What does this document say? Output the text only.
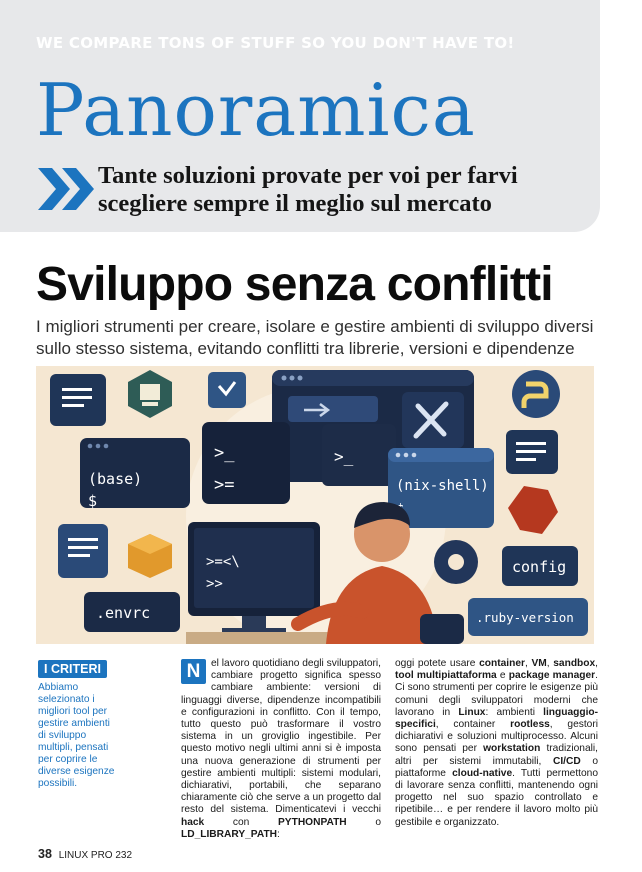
WE COMPARE TONS OF STUFF SO YOU DON'T HAVE TO!
Panoramica
Tante soluzioni provate per voi per farvi scegliere sempre il meglio sul mercato
Sviluppo senza conflitti

I migliori strumenti per creare, isolare e gestire ambienti di sviluppo diversi sullo stesso sistema, evitando conflitti tra librerie, versioni e dipendenze

(base)
$
>_
>=
>_
(nix-shell)
.envrc
>=<\
>>
config
.ruby-version
I CRITERI

Abbiamo selezionato i migliori tool per gestire ambienti di sviluppo multipli, pensati per coprire le diverse esigenze possibili.

N	el lavoro quotidiano degli sviluppatori, cambiare progetto significa spesso cambiare ambiente: versioni di linguaggi diverse, dipendenze incompatibili e configurazioni in conflitto. Con il tempo, tutto questo può trasformare il vostro sistema in un groviglio ingestibile. Per questo motivo negli ultimi anni si è imposta una nuova generazione di strumenti per gestire ambienti multipli: sistemi modulari, dichiarativi, portabili, che separano chiaramente ciò che serve a un progetto dal resto del sistema. Dimenticatevi i vecchi hack con PYTHONPATH o LD_LIBRARY_PATH:
oggi potete usare container, VM, sandbox, tool multipiattaforma e package manager. Ci sono strumenti per coprire le esigenze più comuni degli sviluppatori moderni che lavorano in Linux: ambienti linguaggio-specifici, container rootless, gestori dichiarativi e soluzioni multiprocesso. Alcuni sono pensati per workstation tradizionali, altri per sistemi immutabili, CI/CD o piattaforme cloud-native. Tutti permettono di lavorare senza conflitti, mantenendo ogni progetto nel suo spazio controllato e ripetibile… e per rendere il lavoro molto più gestibile e organizzato.
38 LINUX PRO 232
